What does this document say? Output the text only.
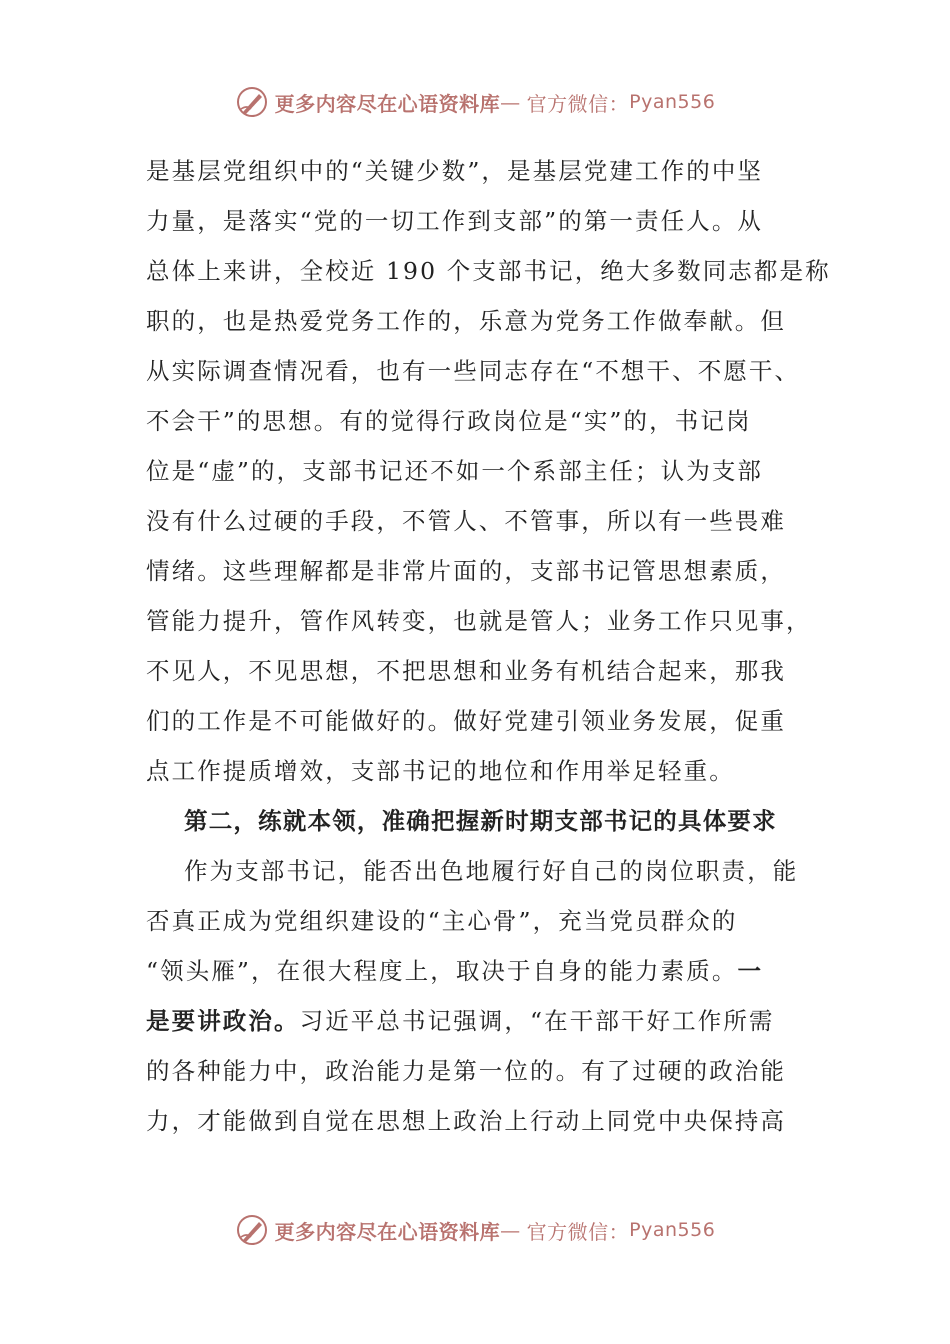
更多内容尽在心语资料库 — 官方微信： Pyan556
是基层党组织中的“关键少数”，是基层党建工作的中坚
力量，是落实“党的一切工作到支部”的第一责任人。从
总体上来讲，全校近 190 个支部书记，绝大多数同志都是称
职的，也是热爱党务工作的，乐意为党务工作做奉献。但
从实际调查情况看，也有一些同志存在“不想干、不愿干、
不会干”的思想。有的觉得行政岗位是“实”的，书记岗
位是“虚”的，支部书记还不如一个系部主任；认为支部
没有什么过硬的手段，不管人、不管事，所以有一些畏难
情绪。这些理解都是非常片面的，支部书记管思想素质，
管能力提升，管作风转变，也就是管人；业务工作只见事，
不见人，不见思想，不把思想和业务有机结合起来，那我
们的工作是不可能做好的。做好党建引领业务发展，促重
点工作提质增效，支部书记的地位和作用举足轻重。
第二，练就本领，准确把握新时期支部书记的具体要求
作为支部书记，能否出色地履行好自己的岗位职责，能
否真正成为党组织建设的“主心骨”，充当党员群众的
“领头雁”，在很大程度上，取决于自身的能力素质。一
是要讲政治。习近平总书记强调，“在干部干好工作所需
的各种能力中，政治能力是第一位的。有了过硬的政治能
力，才能做到自觉在思想上政治上行动上同党中央保持高
更多内容尽在心语资料库 — 官方微信： Pyan556
